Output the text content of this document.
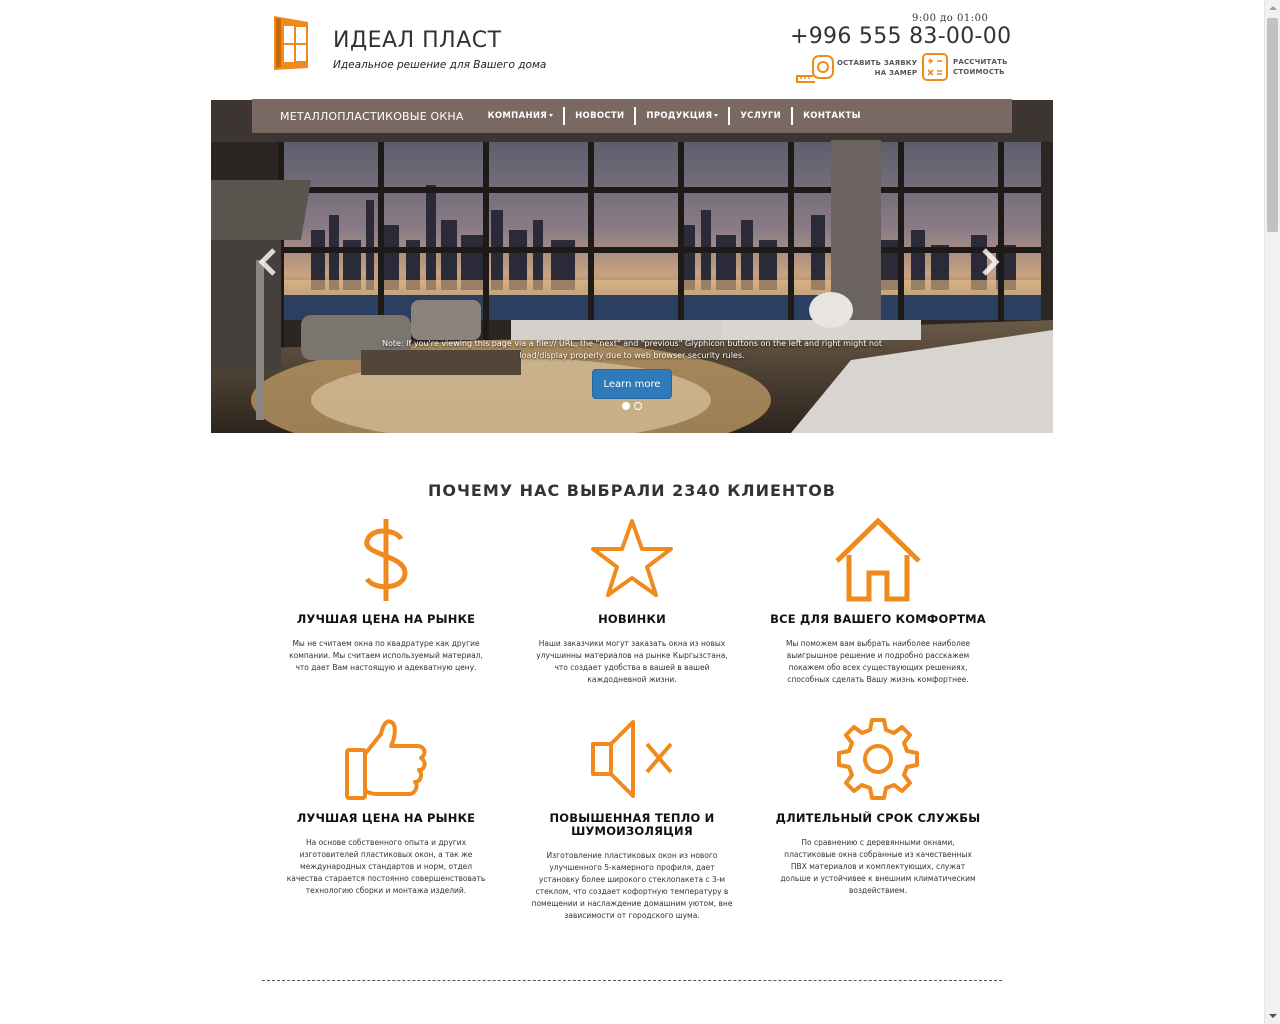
ИДЕАЛ ПЛАСТ
Идеальное решение для Вашего дома
9:00 до 01:00
+996 555 83-00-00
ОСТАВИТЬ ЗАЯВКУ
НА ЗАМЕР
РАССЧИТАТЬ
СТОИМОСТЬ
МЕТАЛЛОПЛАСТИКОВЫЕ ОКНА	КОМПАНИЯ	НОВОСТИ	ПРОДУКЦИЯ	УСЛУГИ	КОНТАКТЫ
Note: If you're viewing this page via a file:// URL, the "next" and "previous" Glyphicon buttons on the left and right might not
load/display properly due to web browser security rules.
Learn more
ПОЧЕМУ НАС ВЫБРАЛИ 2340 КЛИЕНТОВ
ЛУЧШАЯ ЦЕНА НА РЫНКЕ

Мы не считаем окна по квадратуре как другие компании. Мы считаем используемый материал, что дает Вам настоящую и адекватную цену.

НОВИНКИ

Наши заказчики могут заказать окна из новых улучшинны материалов на рынке Кыргызстана, что создает удобства в вашей в вашей каждодневной жизни.

ВСЕ ДЛЯ ВАШЕГО КОМФОРТМА

Мы поможем вам выбрать наиболее наиболее выигрышное решение и подробно расскажем покажем обо всех существующих решениях, способных сделать Вашу жизнь комфортнее.

ЛУЧШАЯ ЦЕНА НА РЫНКЕ

На основе собственного опыта и других изготовителей пластиковых окон, а так же международных стандартов и норм, отдел качества старается постоянно совершенствовать технологию сборки и монтажа изделий.

ПОВЫШЕННАЯ ТЕПЛО И ШУМОИЗОЛЯЦИЯ

Изготовление пластиковых окон из нового улучшенного 5-камерного профиля, дает установку более широкого стеклопакета с 3-м стеклом, что создает кофортную температуру в помещении и наслаждение домашним уютом, вне зависимости от городского шума.

ДЛИТЕЛЬНЫЙ СРОК СЛУЖБЫ

По сравнению с деревянными окнами, пластиковые окна собранные из качественных ПВХ материалов и комплектующих, служат дольше и устойчивее к внешним климатическим воздействием.
